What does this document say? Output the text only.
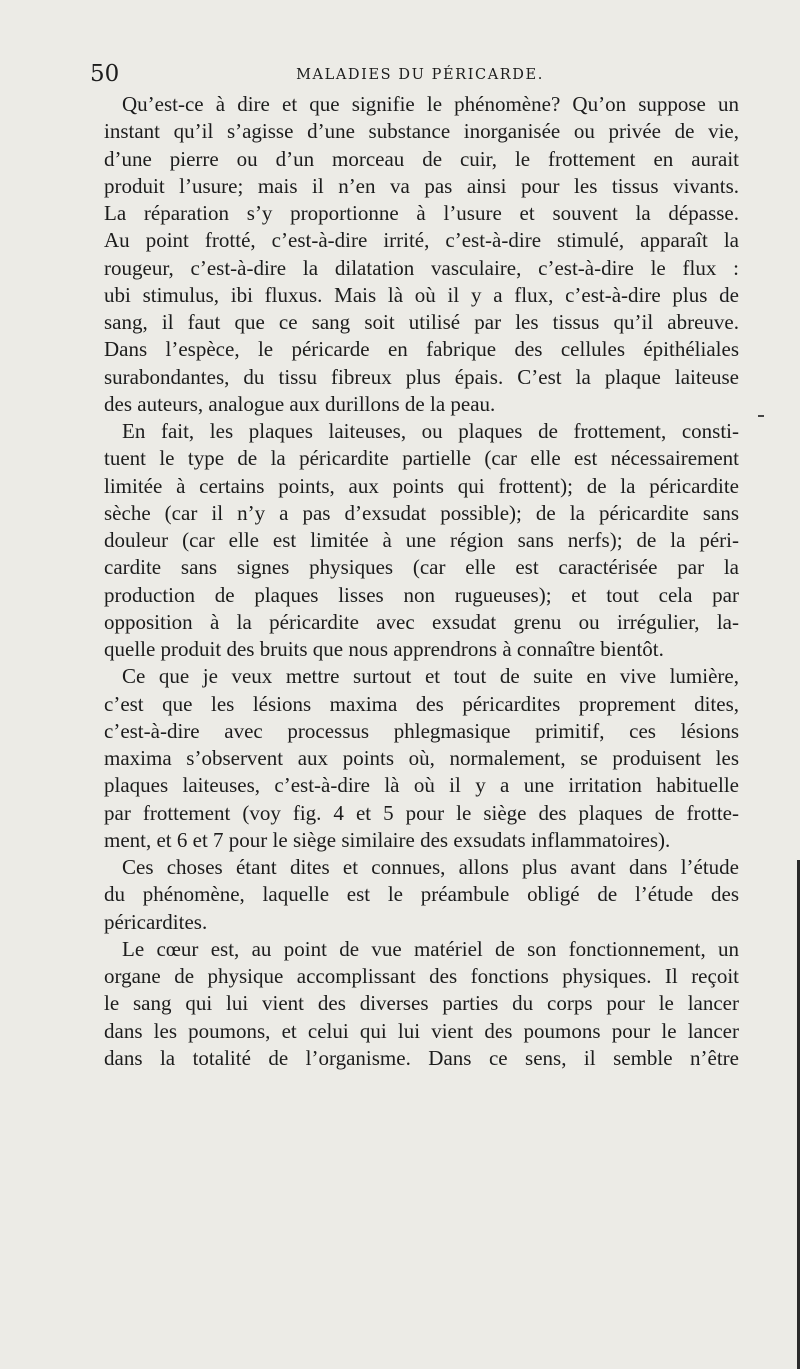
50	MALADIES DU PÉRICARDE.

Qu’est-ce à dire et que signifie le phénomène? Qu’on suppose un
instant qu’il s’agisse d’une substance inorganisée ou privée de vie,
d’une pierre ou d’un morceau de cuir, le frottement en aurait
produit l’usure; mais il n’en va pas ainsi pour les tissus vivants.
La réparation s’y proportionne à l’usure et souvent la dépasse.
Au point frotté, c’est-à-dire irrité, c’est-à-dire stimulé, apparaît la
rougeur, c’est-à-dire la dilatation vasculaire, c’est-à-dire le flux :
ubi stimulus, ibi fluxus. Mais là où il y a flux, c’est-à-dire plus de
sang, il faut que ce sang soit utilisé par les tissus qu’il abreuve.
Dans l’espèce, le péricarde en fabrique des cellules épithéliales
surabondantes, du tissu fibreux plus épais. C’est la plaque laiteuse
des auteurs, analogue aux durillons de la peau.

En fait, les plaques laiteuses, ou plaques de frottement, consti-
tuent le type de la péricardite partielle (car elle est nécessairement
limitée à certains points, aux points qui frottent); de la péricardite
sèche (car il n’y a pas d’exsudat possible); de la péricardite sans
douleur (car elle est limitée à une région sans nerfs); de la péri-
cardite sans signes physiques (car elle est caractérisée par la
production de plaques lisses non rugueuses); et tout cela par
opposition à la péricardite avec exsudat grenu ou irrégulier, la-
quelle produit des bruits que nous apprendrons à connaître bientôt.

Ce que je veux mettre surtout et tout de suite en vive lumière,
c’est que les lésions maxima des péricardites proprement dites,
c’est-à-dire avec processus phlegmasique primitif, ces lésions
maxima s’observent aux points où, normalement, se produisent les
plaques laiteuses, c’est-à-dire là où il y a une irritation habituelle
par frottement (voy fig. 4 et 5 pour le siège des plaques de frotte-
ment, et 6 et 7 pour le siège similaire des exsudats inflammatoires).

Ces choses étant dites et connues, allons plus avant dans l’étude
du phénomène, laquelle est le préambule obligé de l’étude des
péricardites.

Le cœur est, au point de vue matériel de son fonctionnement, un
organe de physique accomplissant des fonctions physiques. Il reçoit
le sang qui lui vient des diverses parties du corps pour le lancer
dans les poumons, et celui qui lui vient des poumons pour le lancer
dans la totalité de l’organisme. Dans ce sens, il semble n’être
